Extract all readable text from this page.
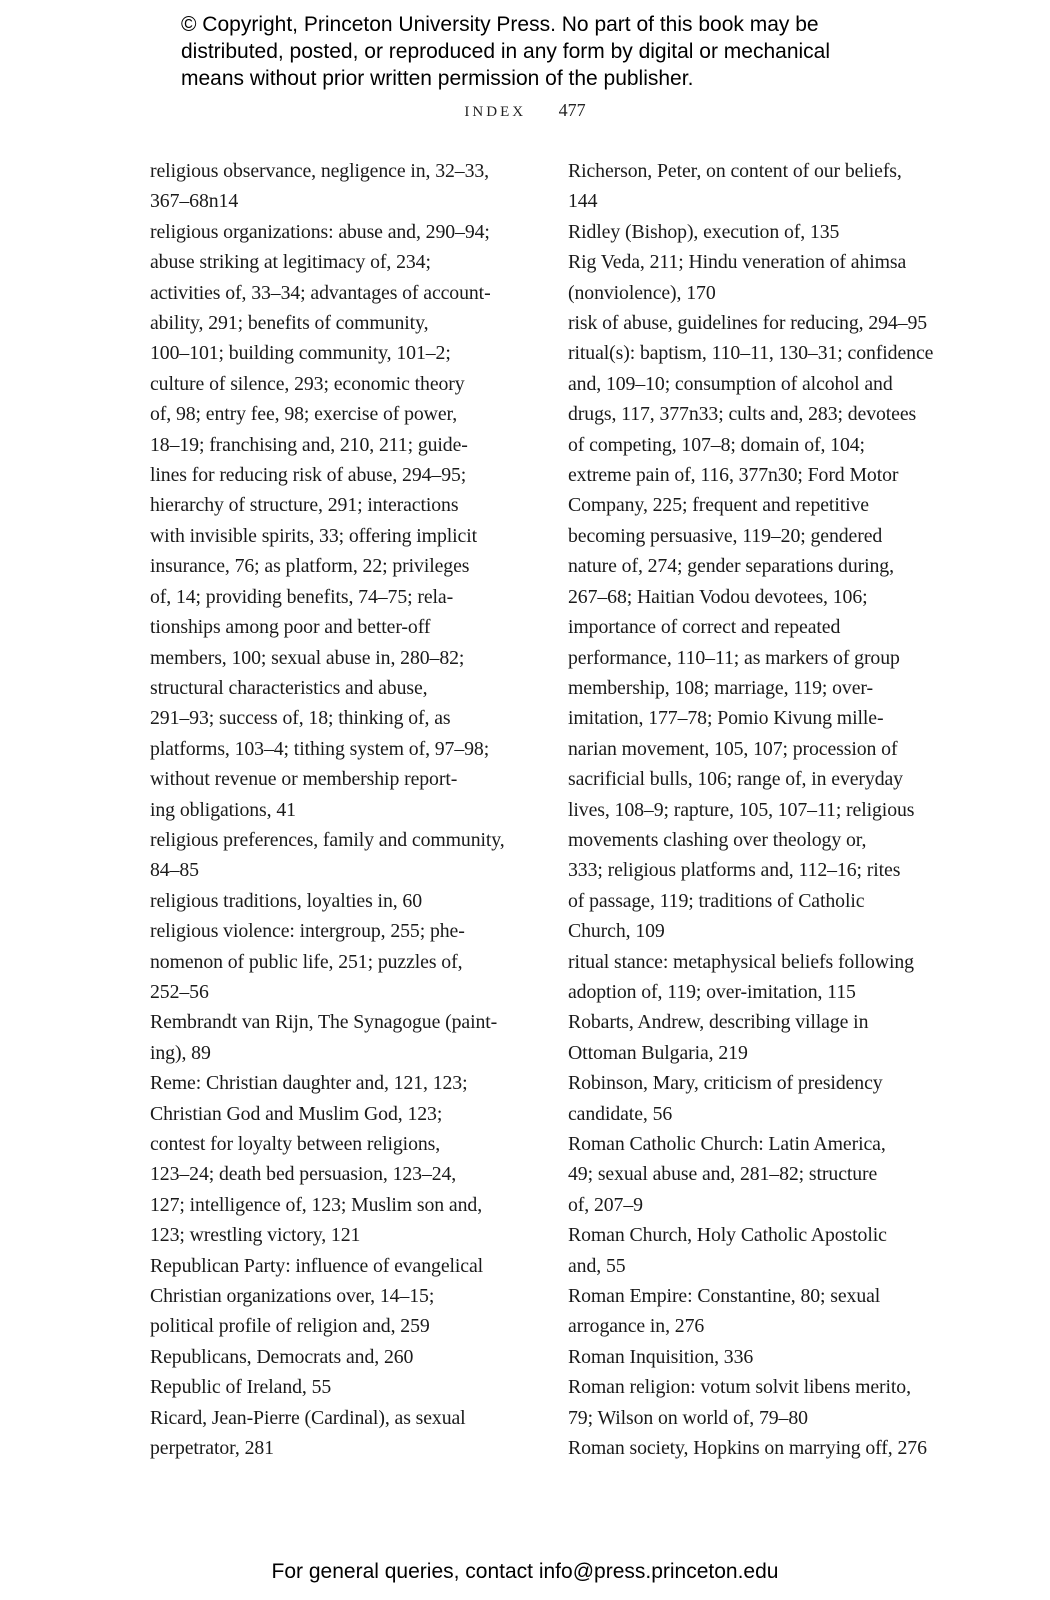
© Copyright, Princeton University Press. No part of this book may be
distributed, posted, or reproduced in any form by digital or mechanical
means without prior written permission of the publisher.
INDEX 477
religious observance, negligence in, 32–33,
367–68n14
religious organizations: abuse and, 290–94;
abuse striking at legitimacy of, 234;
activities of, 33–34; advantages of account-
ability, 291; benefits of community,
100–101; building community, 101–2;
culture of silence, 293; economic theory
of, 98; entry fee, 98; exercise of power,
18–19; franchising and, 210, 211; guide-
lines for reducing risk of abuse, 294–95;
hierarchy of structure, 291; interactions
with invisible spirits, 33; offering implicit
insurance, 76; as platform, 22; privileges
of, 14; providing benefits, 74–75; rela-
tionships among poor and better-off
members, 100; sexual abuse in, 280–82;
structural characteristics and abuse,
291–93; success of, 18; thinking of, as
platforms, 103–4; tithing system of, 97–98;
without revenue or membership report-
ing obligations, 41
religious preferences, family and community,
84–85
religious traditions, loyalties in, 60
religious violence: intergroup, 255; phe-
nomenon of public life, 251; puzzles of,
252–56
Rembrandt van Rijn, The Synagogue (paint-
ing), 89
Reme: Christian daughter and, 121, 123;
Christian God and Muslim God, 123;
contest for loyalty between religions,
123–24; death bed persuasion, 123–24,
127; intelligence of, 123; Muslim son and,
123; wrestling victory, 121
Republican Party: influence of evangelical
Christian organizations over, 14–15;
political profile of religion and, 259
Republicans, Democrats and, 260
Republic of Ireland, 55
Ricard, Jean-Pierre (Cardinal), as sexual
perpetrator, 281
Richerson, Peter, on content of our beliefs,
144
Ridley (Bishop), execution of, 135
Rig Veda, 211; Hindu veneration of ahimsa
(nonviolence), 170
risk of abuse, guidelines for reducing, 294–95
ritual(s): baptism, 110–11, 130–31; confidence
and, 109–10; consumption of alcohol and
drugs, 117, 377n33; cults and, 283; devotees
of competing, 107–8; domain of, 104;
extreme pain of, 116, 377n30; Ford Motor
Company, 225; frequent and repetitive
becoming persuasive, 119–20; gendered
nature of, 274; gender separations during,
267–68; Haitian Vodou devotees, 106;
importance of correct and repeated
performance, 110–11; as markers of group
membership, 108; marriage, 119; over-
imitation, 177–78; Pomio Kivung mille-
narian movement, 105, 107; procession of
sacrificial bulls, 106; range of, in everyday
lives, 108–9; rapture, 105, 107–11; religious
movements clashing over theology or,
333; religious platforms and, 112–16; rites
of passage, 119; traditions of Catholic
Church, 109
ritual stance: metaphysical beliefs following
adoption of, 119; over-imitation, 115
Robarts, Andrew, describing village in
Ottoman Bulgaria, 219
Robinson, Mary, criticism of presidency
candidate, 56
Roman Catholic Church: Latin America,
49; sexual abuse and, 281–82; structure
of, 207–9
Roman Church, Holy Catholic Apostolic
and, 55
Roman Empire: Constantine, 80; sexual
arrogance in, 276
Roman Inquisition, 336
Roman religion: votum solvit libens merito,
79; Wilson on world of, 79–80
Roman society, Hopkins on marrying off, 276
For general queries, contact info@press.princeton.edu
